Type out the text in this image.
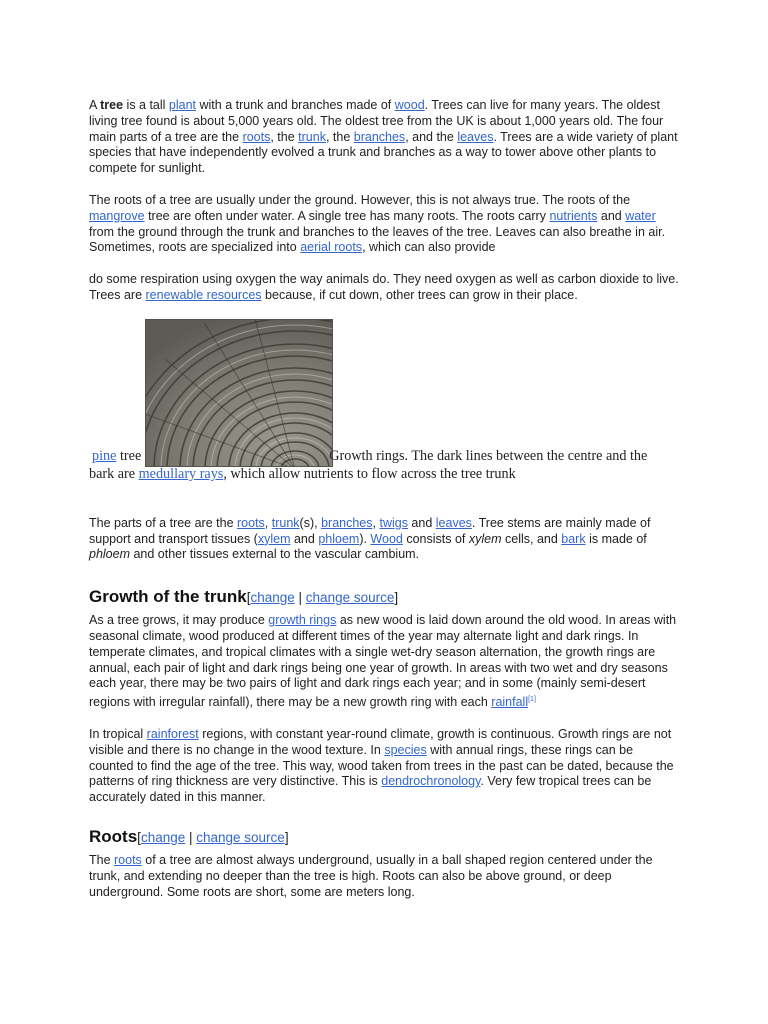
A tree is a tall plant with a trunk and branches made of wood. Trees can live for many years. The oldest living tree found is about 5,000 years old. The oldest tree from the UK is about 1,000 years old. The four main parts of a tree are the roots, the trunk, the branches, and the leaves. Trees are a wide variety of plant species that have independently evolved a trunk and branches as a way to tower above other plants to compete for sunlight.

The roots of a tree are usually under the ground. However, this is not always true. The roots of the mangrove tree are often under water. A single tree has many roots. The roots carry nutrients and water from the ground through the trunk and branches to the leaves of the tree. Leaves can also breathe in air. Sometimes, roots are specialized into aerial roots, which can also provide

do some respiration using oxygen the way animals do. They need oxygen as well as carbon dioxide to live. Trees are renewable resources because, if cut down, other trees can grow in their place.

pine tree	Growth rings. The dark lines between the centre and the
bark are medullary rays, which allow nutrients to flow across the tree trunk

The parts of a tree are the roots, trunk(s), branches, twigs and leaves. Tree stems are mainly made of support and transport tissues (xylem and phloem). Wood consists of xylem cells, and bark is made of phloem and other tissues external to the vascular cambium.

Growth of the trunk[change | change source]

As a tree grows, it may produce growth rings as new wood is laid down around the old wood. In areas with seasonal climate, wood produced at different times of the year may alternate light and dark rings. In temperate climates, and tropical climates with a single wet-dry season alternation, the growth rings are annual, each pair of light and dark rings being one year of growth. In areas with two wet and dry seasons each year, there may be two pairs of light and dark rings each year; and in some (mainly semi-desert regions with irregular rainfall), there may be a new growth ring with each rainfall[1]

In tropical rainforest regions, with constant year-round climate, growth is continuous. Growth rings are not visible and there is no change in the wood texture. In species with annual rings, these rings can be counted to find the age of the tree. This way, wood taken from trees in the past can be dated, because the patterns of ring thickness are very distinctive. This is dendrochronology. Very few tropical trees can be accurately dated in this manner.

Roots[change | change source]

The roots of a tree are almost always underground, usually in a ball shaped region centered under the trunk, and extending no deeper than the tree is high. Roots can also be above ground, or deep underground. Some roots are short, some are meters long.
